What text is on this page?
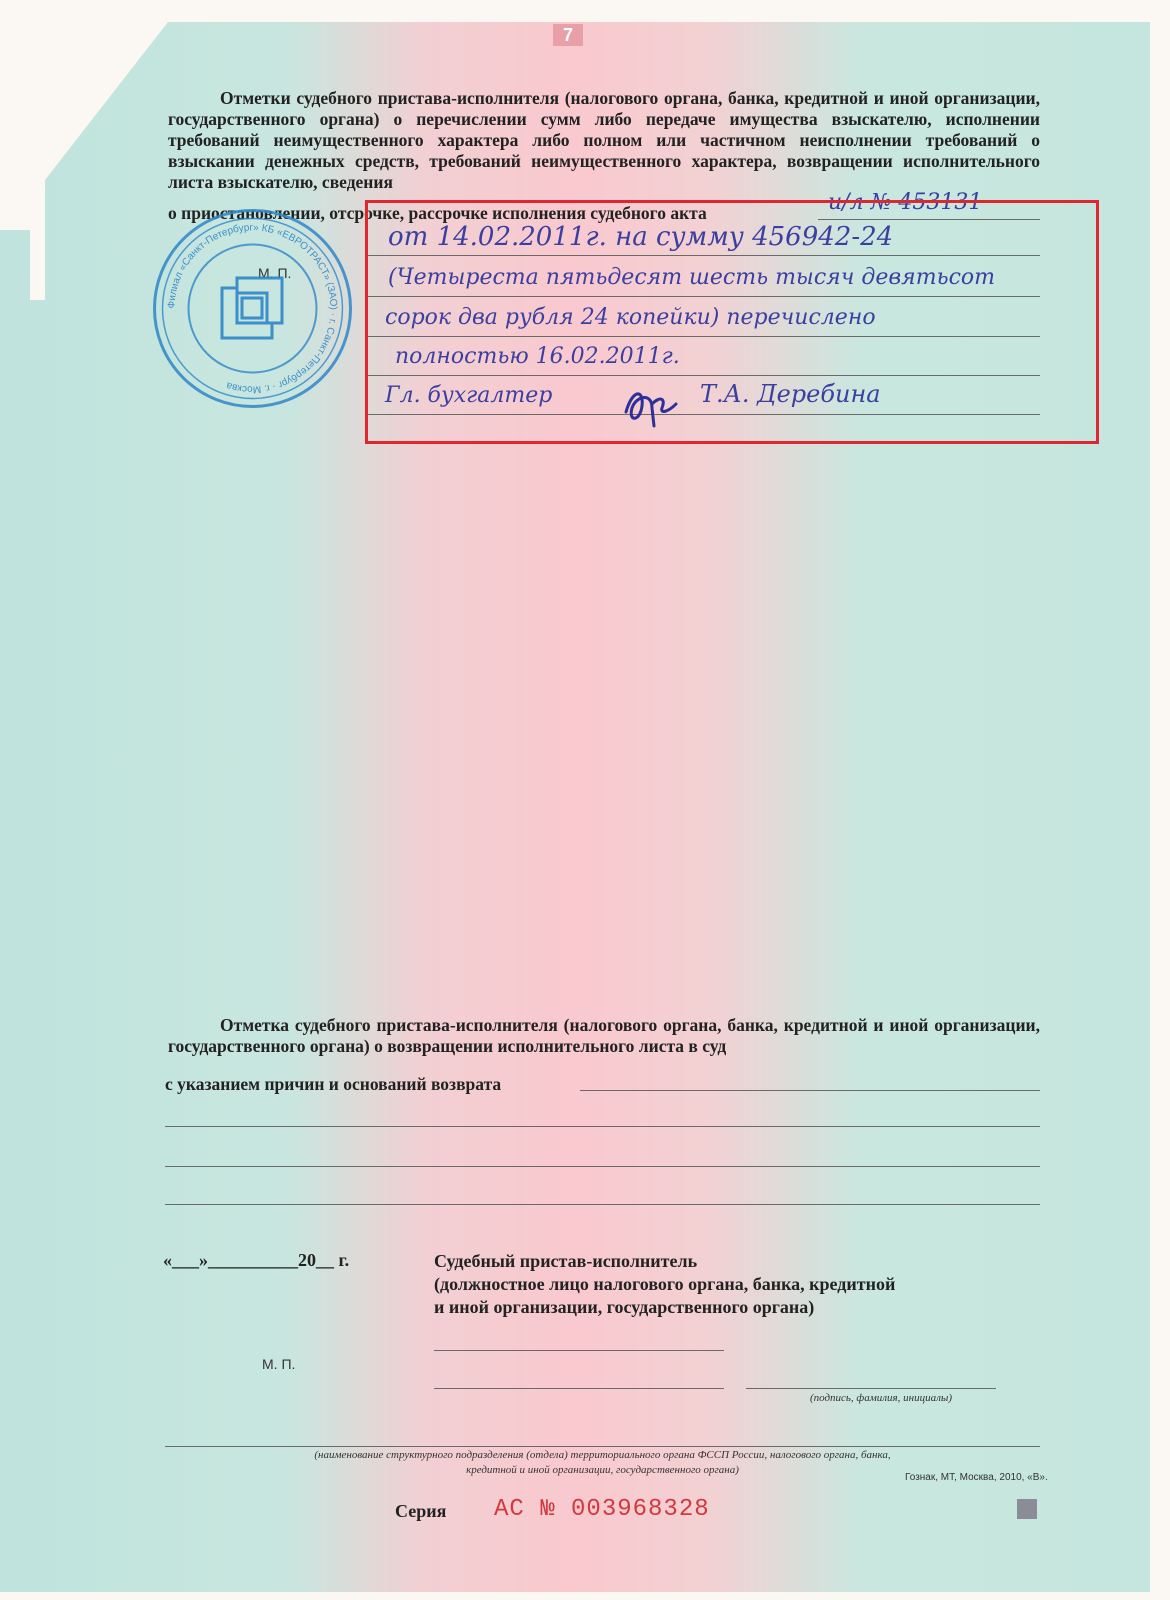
7
Отметки судебного пристава-исполнителя (налогового органа, банка, кредитной и иной организации, государственного органа) о перечислении сумм либо передаче имущества взыскателю, исполнении требований неимущественного характера либо полном или частичном неисполнении требований о взыскании денежных средств, требований неимущественного характера, возвращении исполнительного листа взыскателю, сведения
о приостановлении, отсрочке, рассрочке исполнения судебного акта
М. П.
Филиал «Санкт-Петербург» КБ «ЕВРОТРАСТ» (ЗАО) · г. Санкт-Петербург · г. Москва
и/л № 453131
от 14.02.2011г. на сумму 456942-24
(Четыреста пятьдесят шесть тысяч девятьсот
сорок два рубля 24 копейки) перечислено
полностью 16.02.2011г.
Гл. бухгалтер	Т.А. Деребина
Отметка судебного пристава-исполнителя (налогового органа, банка, кредитной и иной организации, государственного органа) о возвращении исполнительного листа в суд
с указанием причин и оснований возврата
«___»__________20__ г.	Судебный пристав-исполнитель
(должностное лицо налогового органа, банка, кредитной
и иной организации, государственного органа)
М. П.
(подпись, фамилия, инициалы)
(наименование структурного подразделения (отдела) территориального органа ФССП России, налогового органа, банка,
кредитной и иной организации, государственного органа)
Гознак, МТ, Москва, 2010, «В».
Серия АС № 003968328
